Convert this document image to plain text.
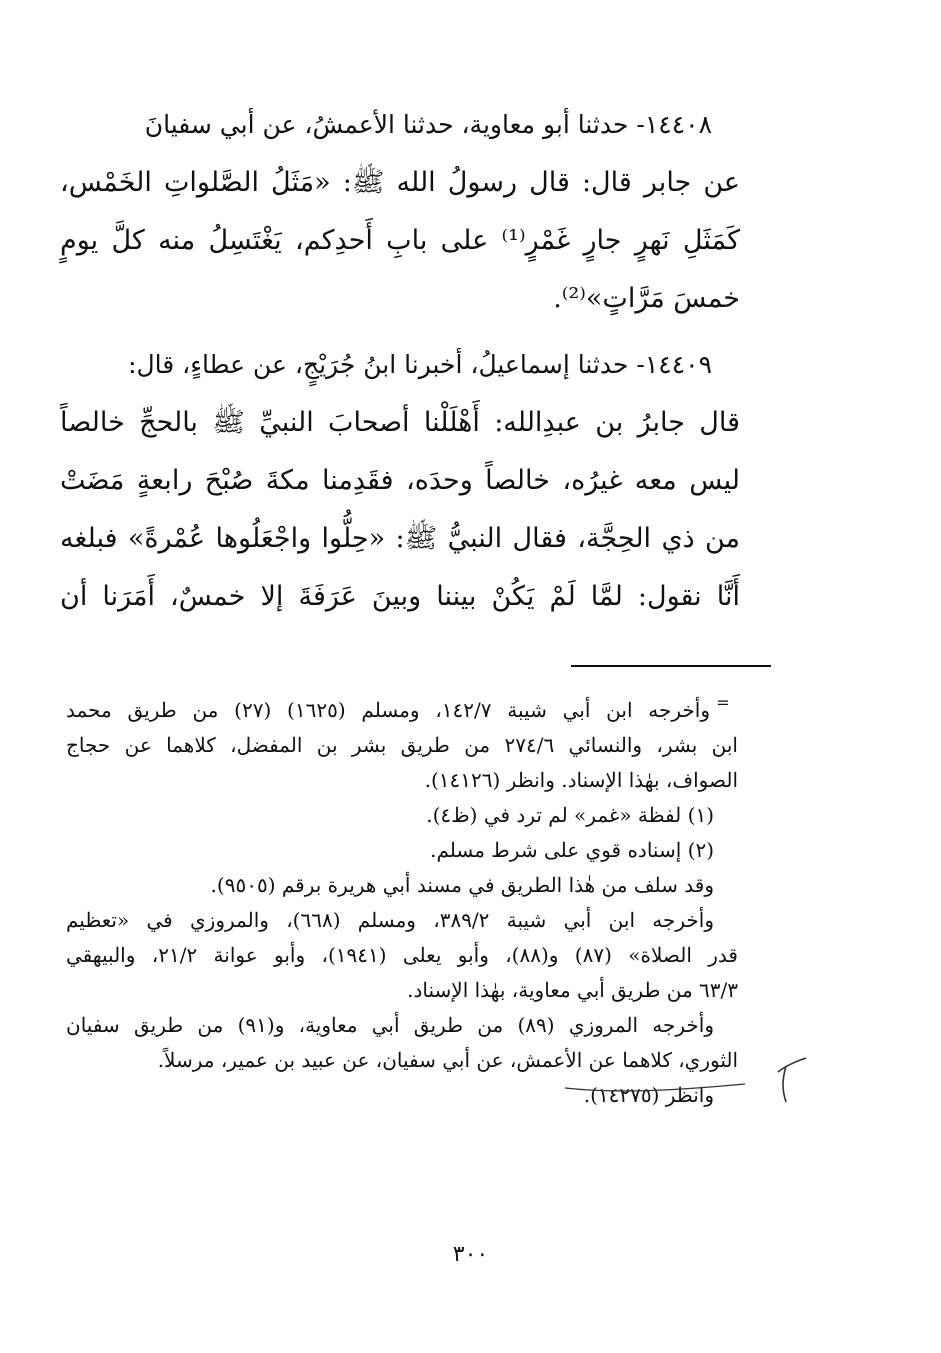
١٤٤٠٨- حدثنا أبو معاوية، حدثنا الأعمشُ، عن أبي سفيانَ
عن جابر قال: قال رسولُ الله ﷺ: «مَثَلُ الصَّلواتِ الخَمْس،
كَمَثَلِ نَهرٍ جارٍ غَمْرٍ⁽¹⁾ على بابِ أَحدِكم، يَغْتَسِلُ منه كلَّ يومٍ
خمسَ مَرَّاتٍ»⁽²⁾.
١٤٤٠٩- حدثنا إسماعيلُ، أخبرنا ابنُ جُرَيْجٍ، عن عطاءٍ، قال:
قال جابرُ بن عبدِالله: أَهْلَلْنا أصحابَ النبيِّ ﷺ بالحجِّ خالصاً
ليس معه غيرُه، خالصاً وحدَه، فقَدِمنا مكةَ صُبْحَ رابعةٍ مَضَتْ
من ذي الحِجَّة، فقال النبيُّ ﷺ: «حِلُّوا واجْعَلُوها عُمْرةً» فبلغه
أَنَّا نقول: لمَّا لَمْ يَكُنْ بيننا وبينَ عَرَفَةَ إلا خمسٌ، أَمَرَنا أن
=
وأخرجه ابن أبي شيبة ١٤٢/٧، ومسلم (١٦٢٥) (٢٧) من طريق محمد
ابن بشر، والنسائي ٢٧٤/٦ من طريق بشر بن المفضل، كلاهما عن حجاج
الصواف، بهٰذا الإسناد. وانظر (١٤١٢٦).
(١) لفظة «غمر» لم ترد في (ظ٤).
(٢) إسناده قوي على شرط مسلم.
وقد سلف من هٰذا الطريق في مسند أبي هريرة برقم (٩٥٠٥).
وأخرجه ابن أبي شيبة ٣٨٩/٢، ومسلم (٦٦٨)، والمروزي في «تعظيم
قدر الصلاة» (٨٧) و(٨٨)، وأبو يعلى (١٩٤١)، وأبو عوانة ٢١/٢، والبيهقي
٦٣/٣ من طريق أبي معاوية، بهٰذا الإسناد.
وأخرجه المروزي (٨٩) من طريق أبي معاوية، و(٩١) من طريق سفيان
الثوري، كلاهما عن الأعمش، عن أبي سفيان، عن عبيد بن عمير، مرسلاً.
وانظر (١٤٢٧٥).
٣٠٠
